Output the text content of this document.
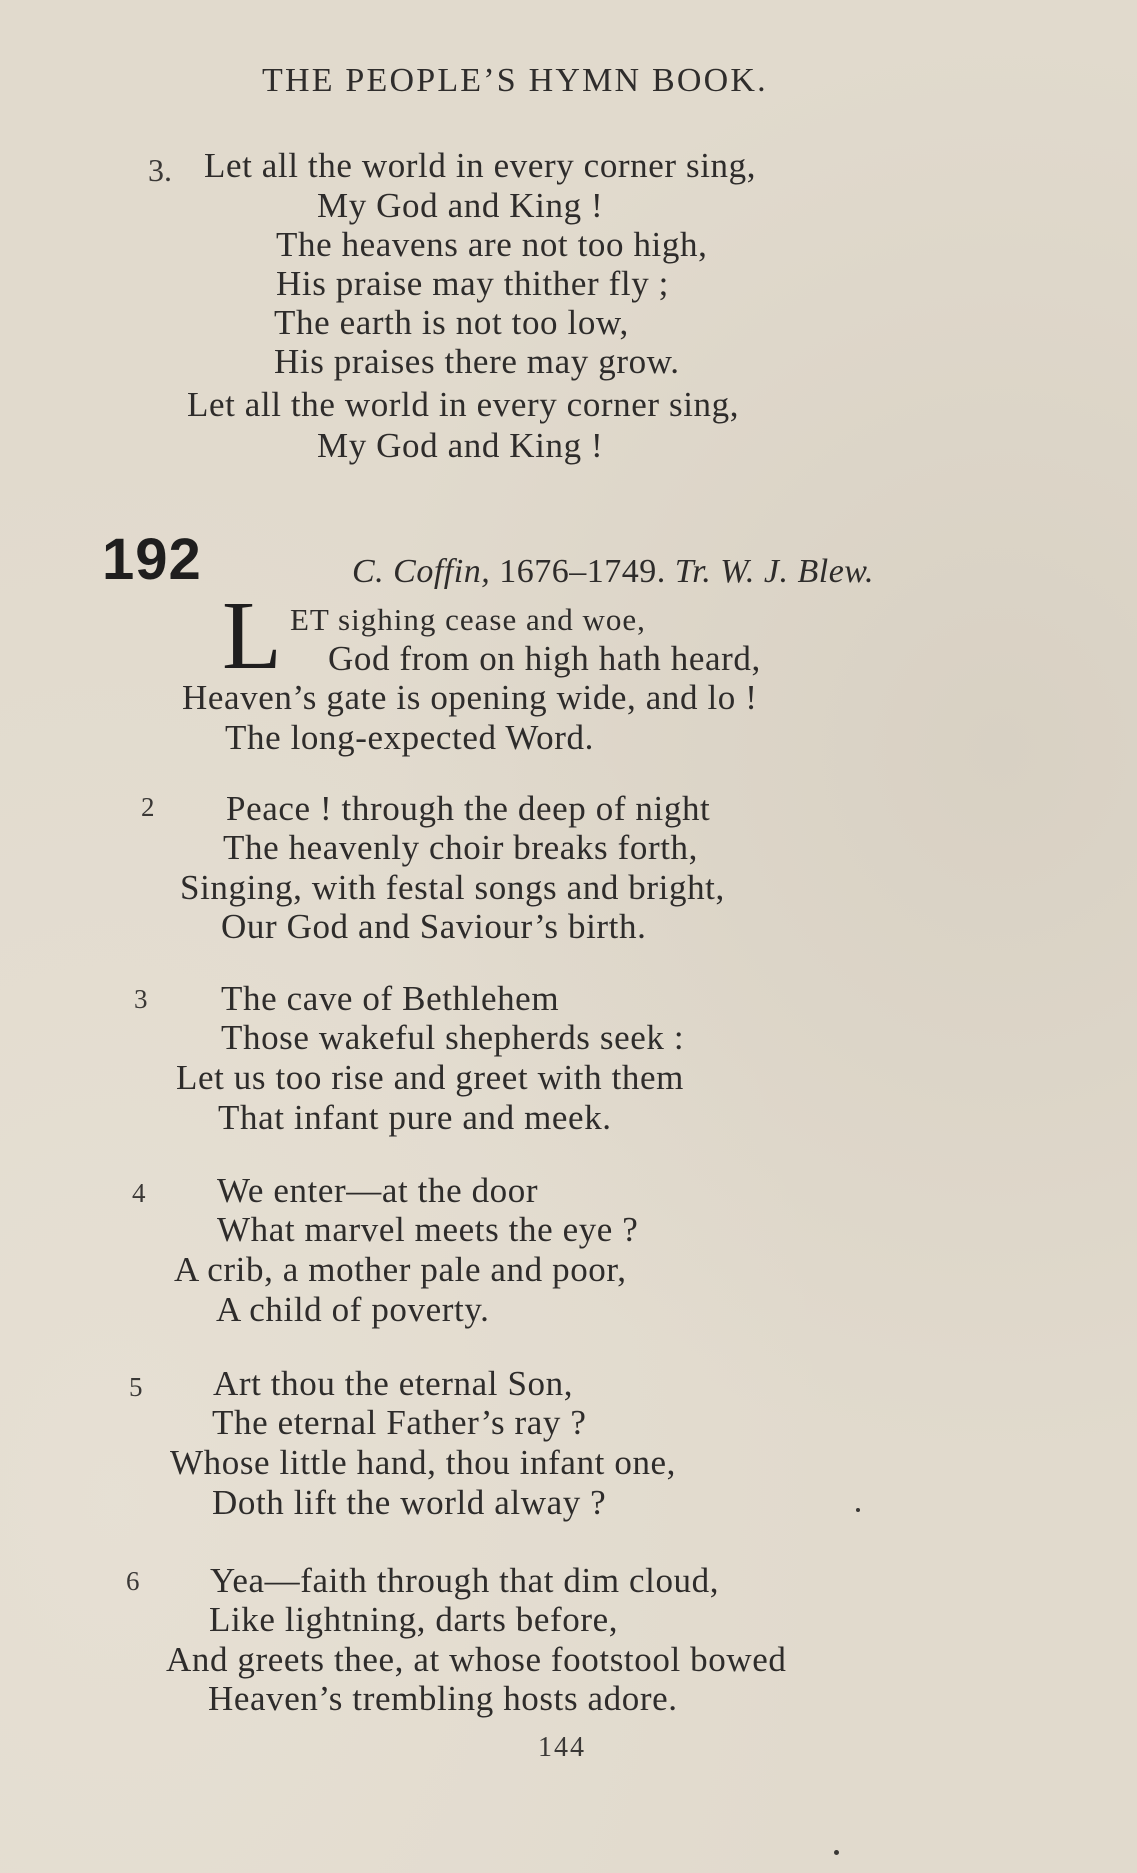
THE PEOPLE’S HYMN BOOK.
3. Let all the world in every corner sing,
My God and King !
The heavens are not too high,
His praise may thither fly ;
The earth is not too low,
His praises there may grow.
Let all the world in every corner sing,
My God and King !
192	C. Coffin, 1676–1749. Tr. W. J. Blew.
L ET sighing cease and woe,
God from on high hath heard,
Heaven’s gate is opening wide, and lo !
The long-expected Word.
2 Peace ! through the deep of night
The heavenly choir breaks forth,
Singing, with festal songs and bright,
Our God and Saviour’s birth.
3 The cave of Bethlehem
Those wakeful shepherds seek :
Let us too rise and greet with them
That infant pure and meek.
4 We enter—at the door
What marvel meets the eye ?
A crib, a mother pale and poor,
A child of poverty.
5 Art thou the eternal Son,
The eternal Father’s ray ?
Whose little hand, thou infant one,
Doth lift the world alway ?
6 Yea—faith through that dim cloud,
Like lightning, darts before,
And greets thee, at whose footstool bowed
Heaven’s trembling hosts adore.
144
